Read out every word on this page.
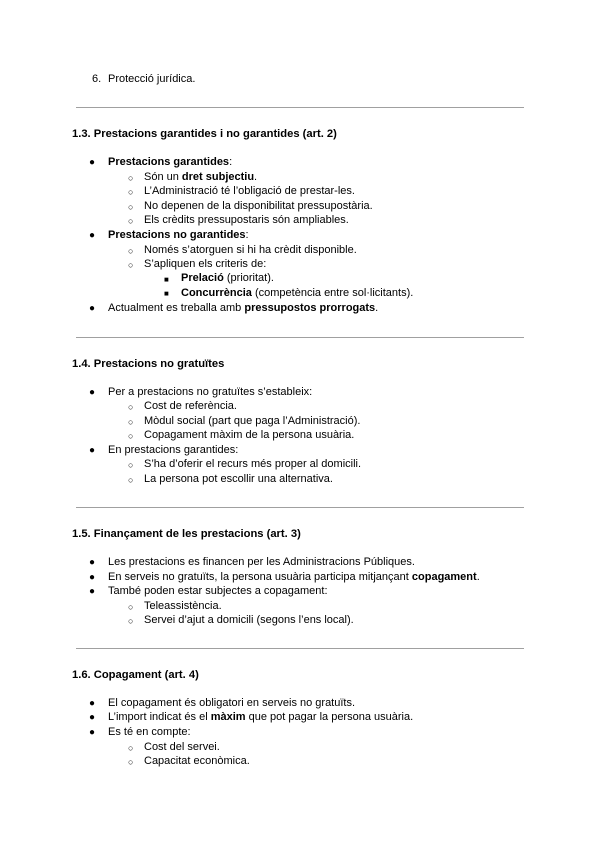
6. Protecció jurídica.
1.3. Prestacions garantides i no garantides (art. 2)
● Prestacions garantides:
○ Són un dret subjectiu.
○ L’Administració té l’obligació de prestar-les.
○ No depenen de la disponibilitat pressupostària.
○ Els crèdits pressupostaris són ampliables.
● Prestacions no garantides:
○ Només s’atorguen si hi ha crèdit disponible.
○ S’apliquen els criteris de:
■ Prelació (prioritat).
■ Concurrència (competència entre sol·licitants).
● Actualment es treballa amb pressupostos prorrogats.
1.4. Prestacions no gratuïtes
● Per a prestacions no gratuïtes s’estableix:
○ Cost de referència.
○ Mòdul social (part que paga l’Administració).
○ Copagament màxim de la persona usuària.
● En prestacions garantides:
○ S’ha d’oferir el recurs més proper al domicili.
○ La persona pot escollir una alternativa.
1.5. Finançament de les prestacions (art. 3)
● Les prestacions es financen per les Administracions Públiques.
● En serveis no gratuïts, la persona usuària participa mitjançant copagament.
● També poden estar subjectes a copagament:
○ Teleassistència.
○ Servei d’ajut a domicili (segons l’ens local).
1.6. Copagament (art. 4)
● El copagament és obligatori en serveis no gratuïts.
● L’import indicat és el màxim que pot pagar la persona usuària.
● Es té en compte:
○ Cost del servei.
○ Capacitat econòmica.
